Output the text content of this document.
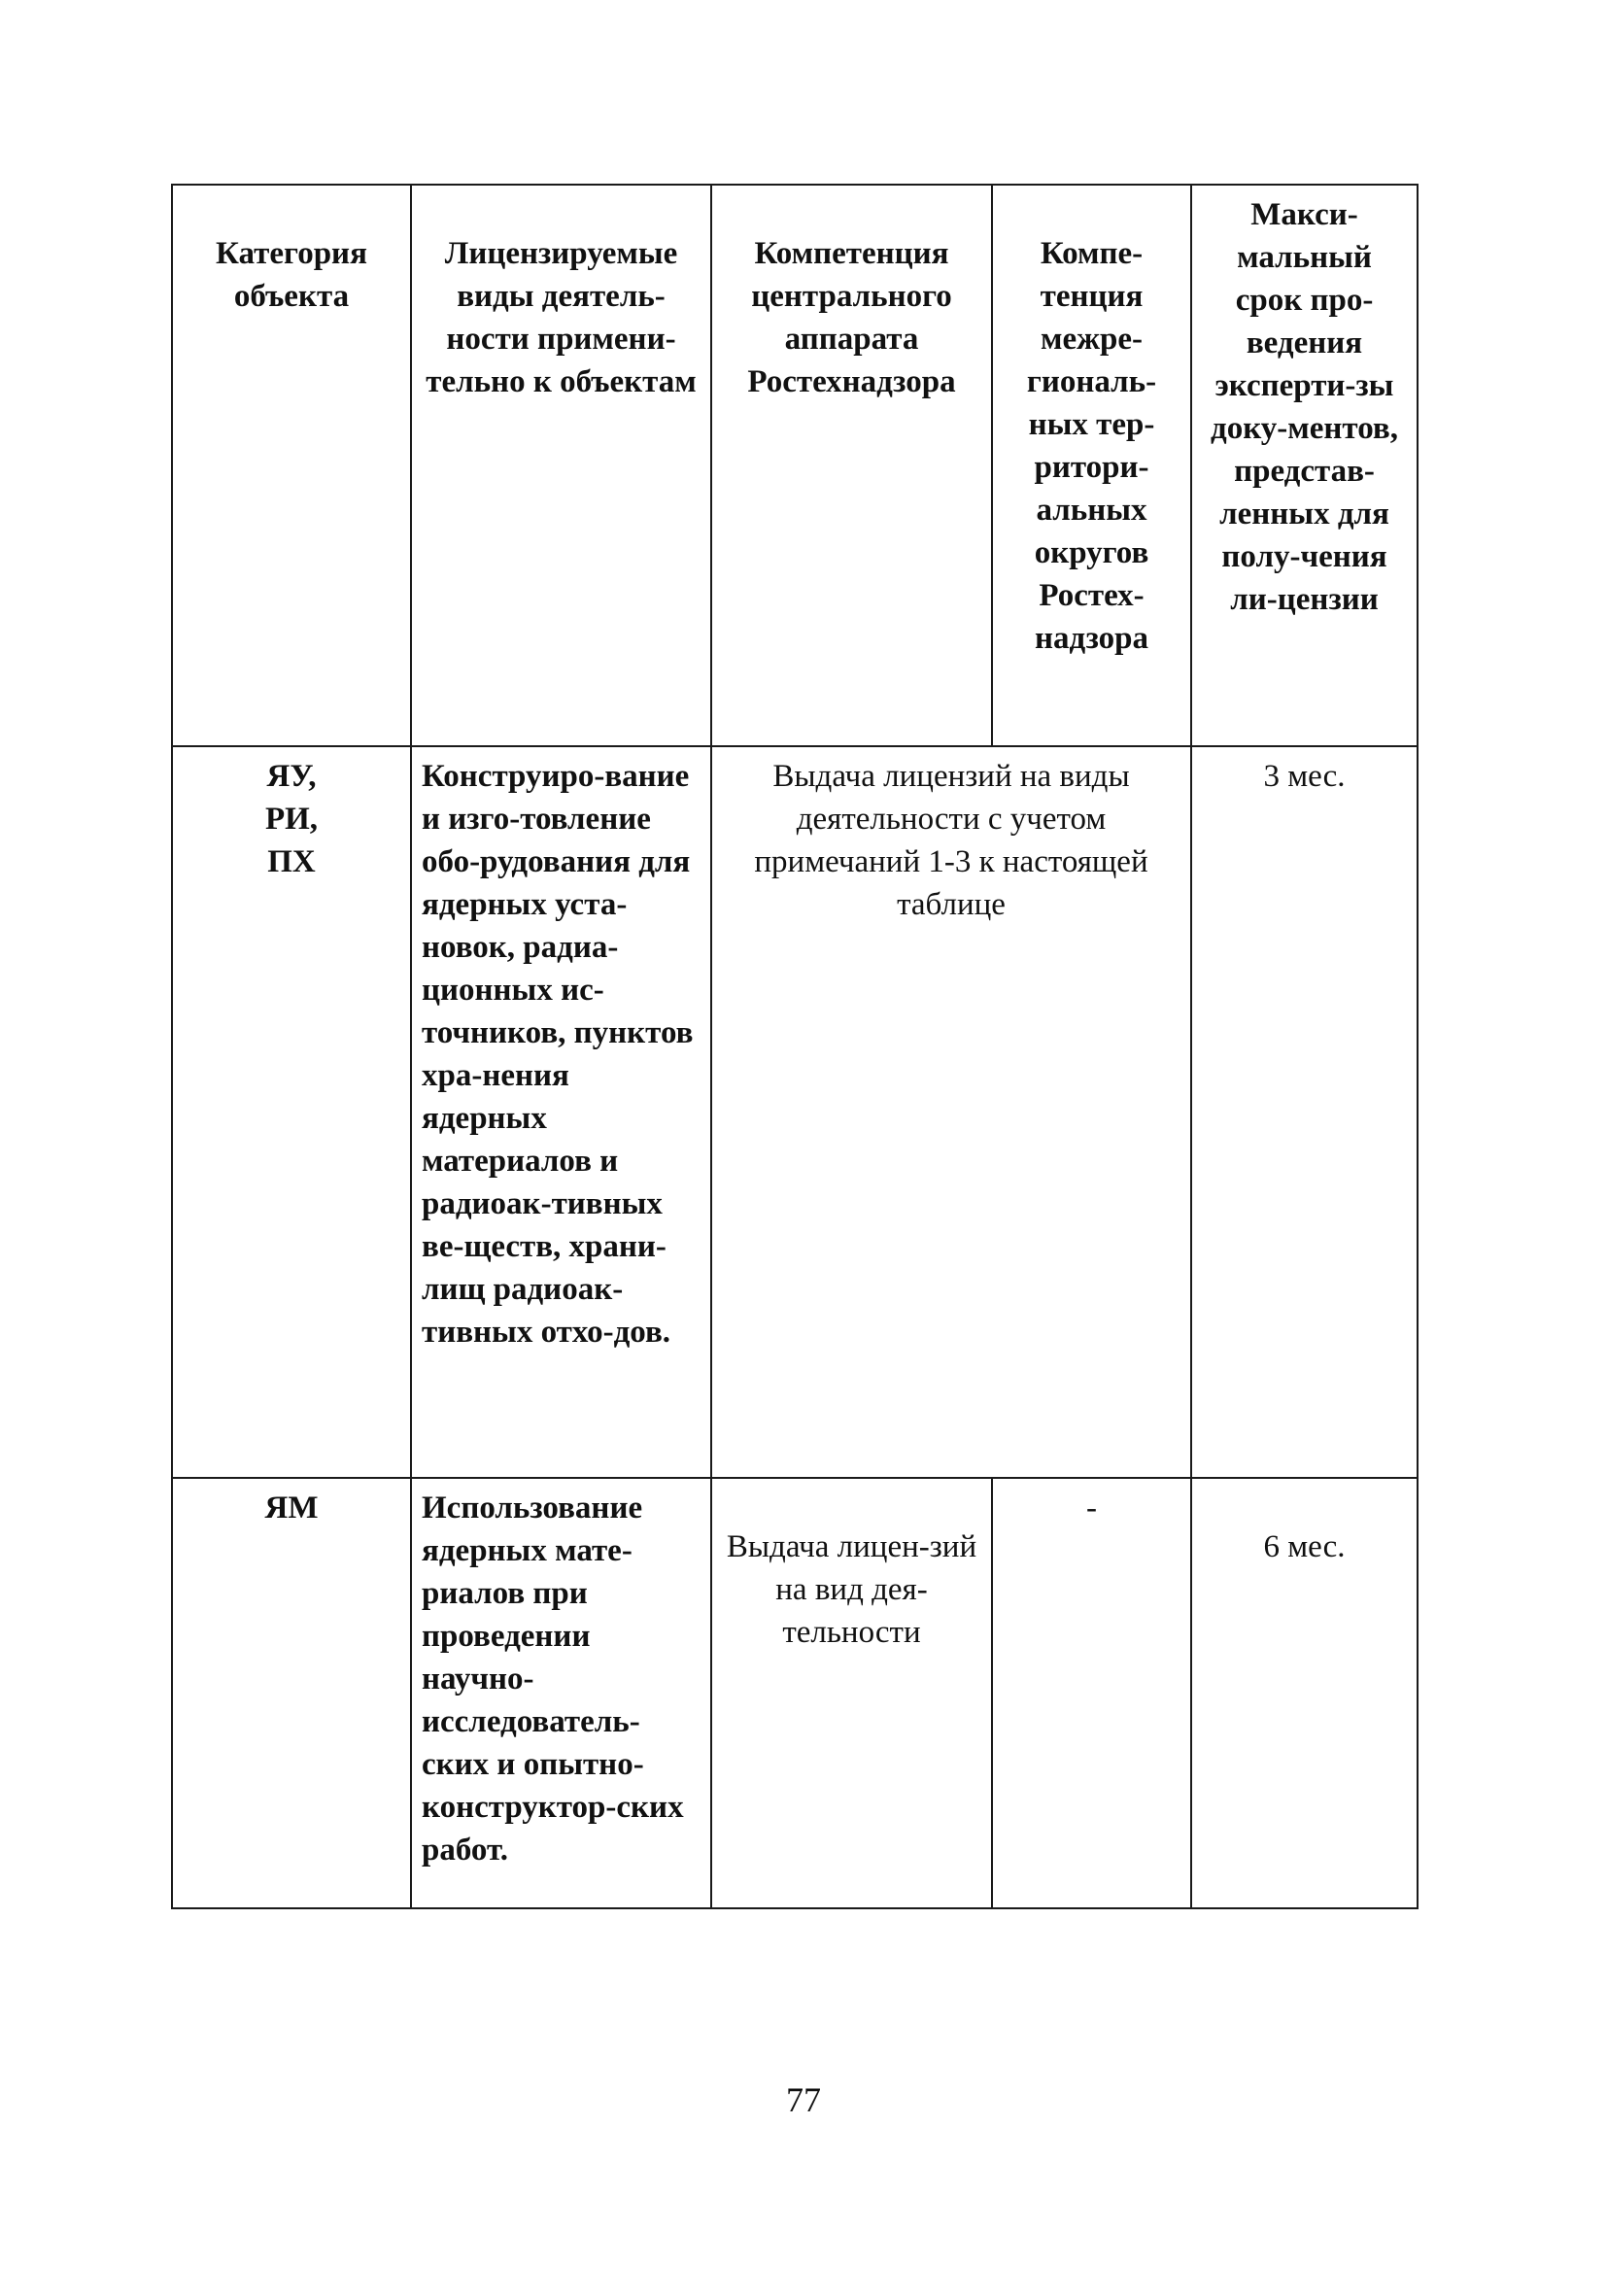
Категория объекта	Лицензируемые виды деятель-ности примени-тельно к объектам	Компетенция центрального аппарата Ростехнадзора	Компе-тенция межре-гиональ-ных тер-ритори-альных округов Ростех-надзора	Макси-мальный срок про-ведения эксперти-зы доку-ментов, представ-ленных для полу-чения ли-цензии

ЯУ,
РИ,
ПХ	Конструиро-вание и изго-товление обо-рудования для ядерных уста-новок, радиа-ционных ис-точников, пунктов хра-нения ядерных материалов и радиоак-тивных ве-ществ, храни-лищ радиоак-тивных отхо-дов.	Выдача лицензий на виды деятельности с учетом примечаний 1-3 к настоящей таблице		3 мес.

ЯМ	Использование ядерных мате-риалов при проведении научно-исследователь-ских и опытно-конструктор-ских работ.	Выдача лицен-зий на вид дея-тельности	-	6 мес.
77
